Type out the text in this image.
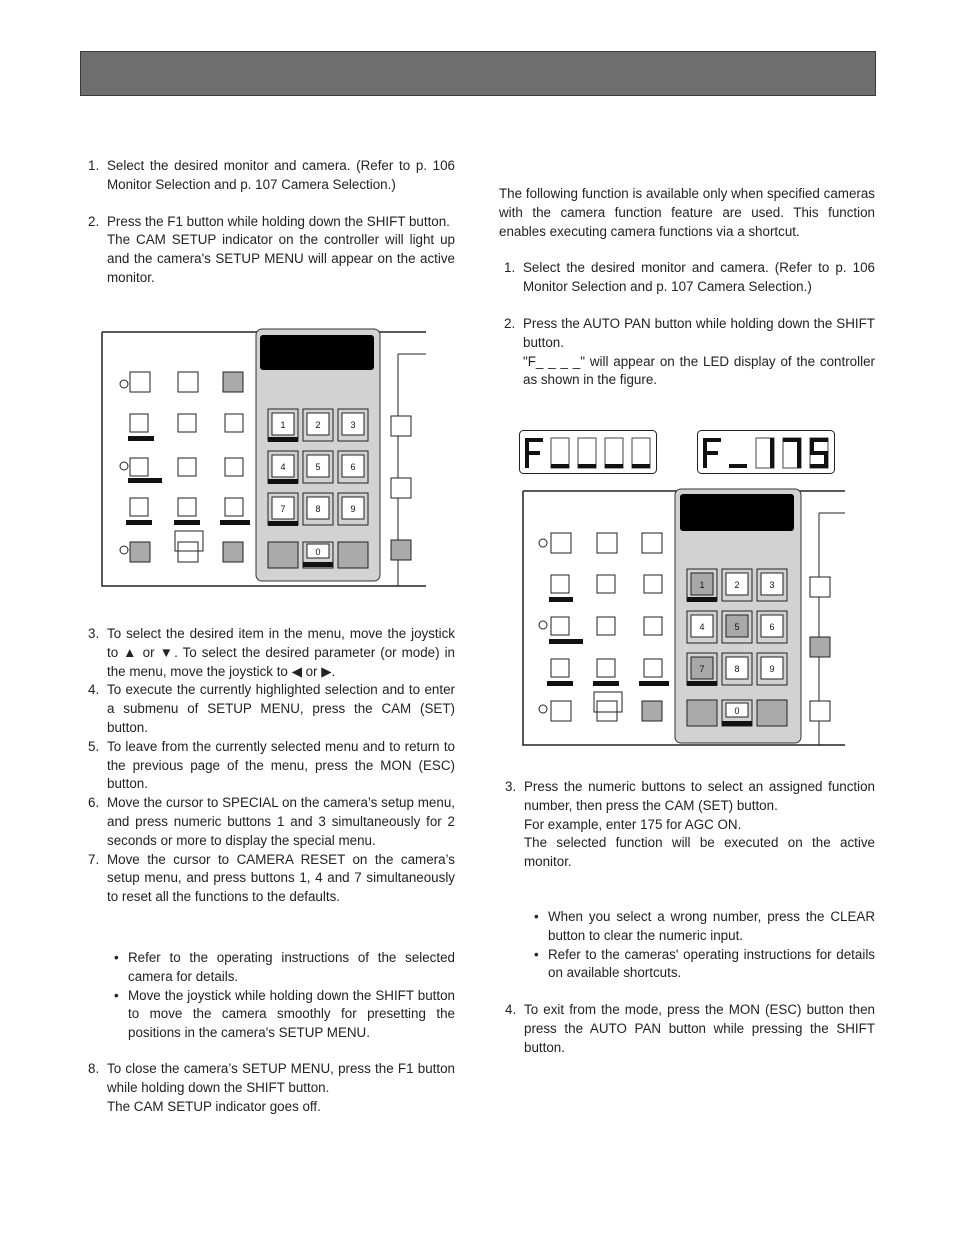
1. Select the desired monitor and camera. (Refer to p. 106 Monitor Selection and p. 107 Camera Selection.)
2. Press the F1 button while holding down the SHIFT button.
The CAM SETUP indicator on the controller will light up and the camera's SETUP MENU will appear on the active monitor.
1	2	3
4	5	6
7	8	9
0
3. To select the desired item in the menu, move the joystick to ▲ or ▼. To select the desired parameter (or mode) in the menu, move the joystick to ◀ or ▶.
4. To execute the currently highlighted selection and to enter a submenu of SETUP MENU, press the CAM (SET) button.
5. To leave from the currently selected menu and to return to the previous page of the menu, press the MON (ESC) button.
6. Move the cursor to SPECIAL on the camera’s setup menu, and press numeric buttons 1 and 3 simultaneously for 2 seconds or more to display the special menu.
7. Move the cursor to CAMERA RESET on the camera’s setup menu, and press buttons 1, 4 and 7 simultaneously to reset all the functions to the defaults.
• Refer to the operating instructions of the selected camera for details.
• Move the joystick while holding down the SHIFT button to move the camera smoothly for presetting the positions in the camera's SETUP MENU.
8. To close the camera’s SETUP MENU, press the F1 button while holding down the SHIFT button.
The CAM SETUP indicator goes off.
The following function is available only when specified cameras with the camera function feature are used. This function enables executing camera functions via a shortcut.
1. Select the desired monitor and camera. (Refer to p. 106 Monitor Selection and p. 107 Camera Selection.)
2. Press the AUTO PAN button while holding down the SHIFT button.
"F_ _ _ _" will appear on the LED display of the controller as shown in the figure.
1	2	3
4	5	6
7	8	9
0
3. Press the numeric buttons to select an assigned function number, then press the CAM (SET) button.
For example, enter 175 for AGC ON.
The selected function will be executed on the active monitor.
• When you select a wrong number, press the CLEAR button to clear the numeric input.
• Refer to the cameras' operating instructions for details on available shortcuts.
4. To exit from the mode, press the MON (ESC) button then press the AUTO PAN button while pressing the SHIFT button.
